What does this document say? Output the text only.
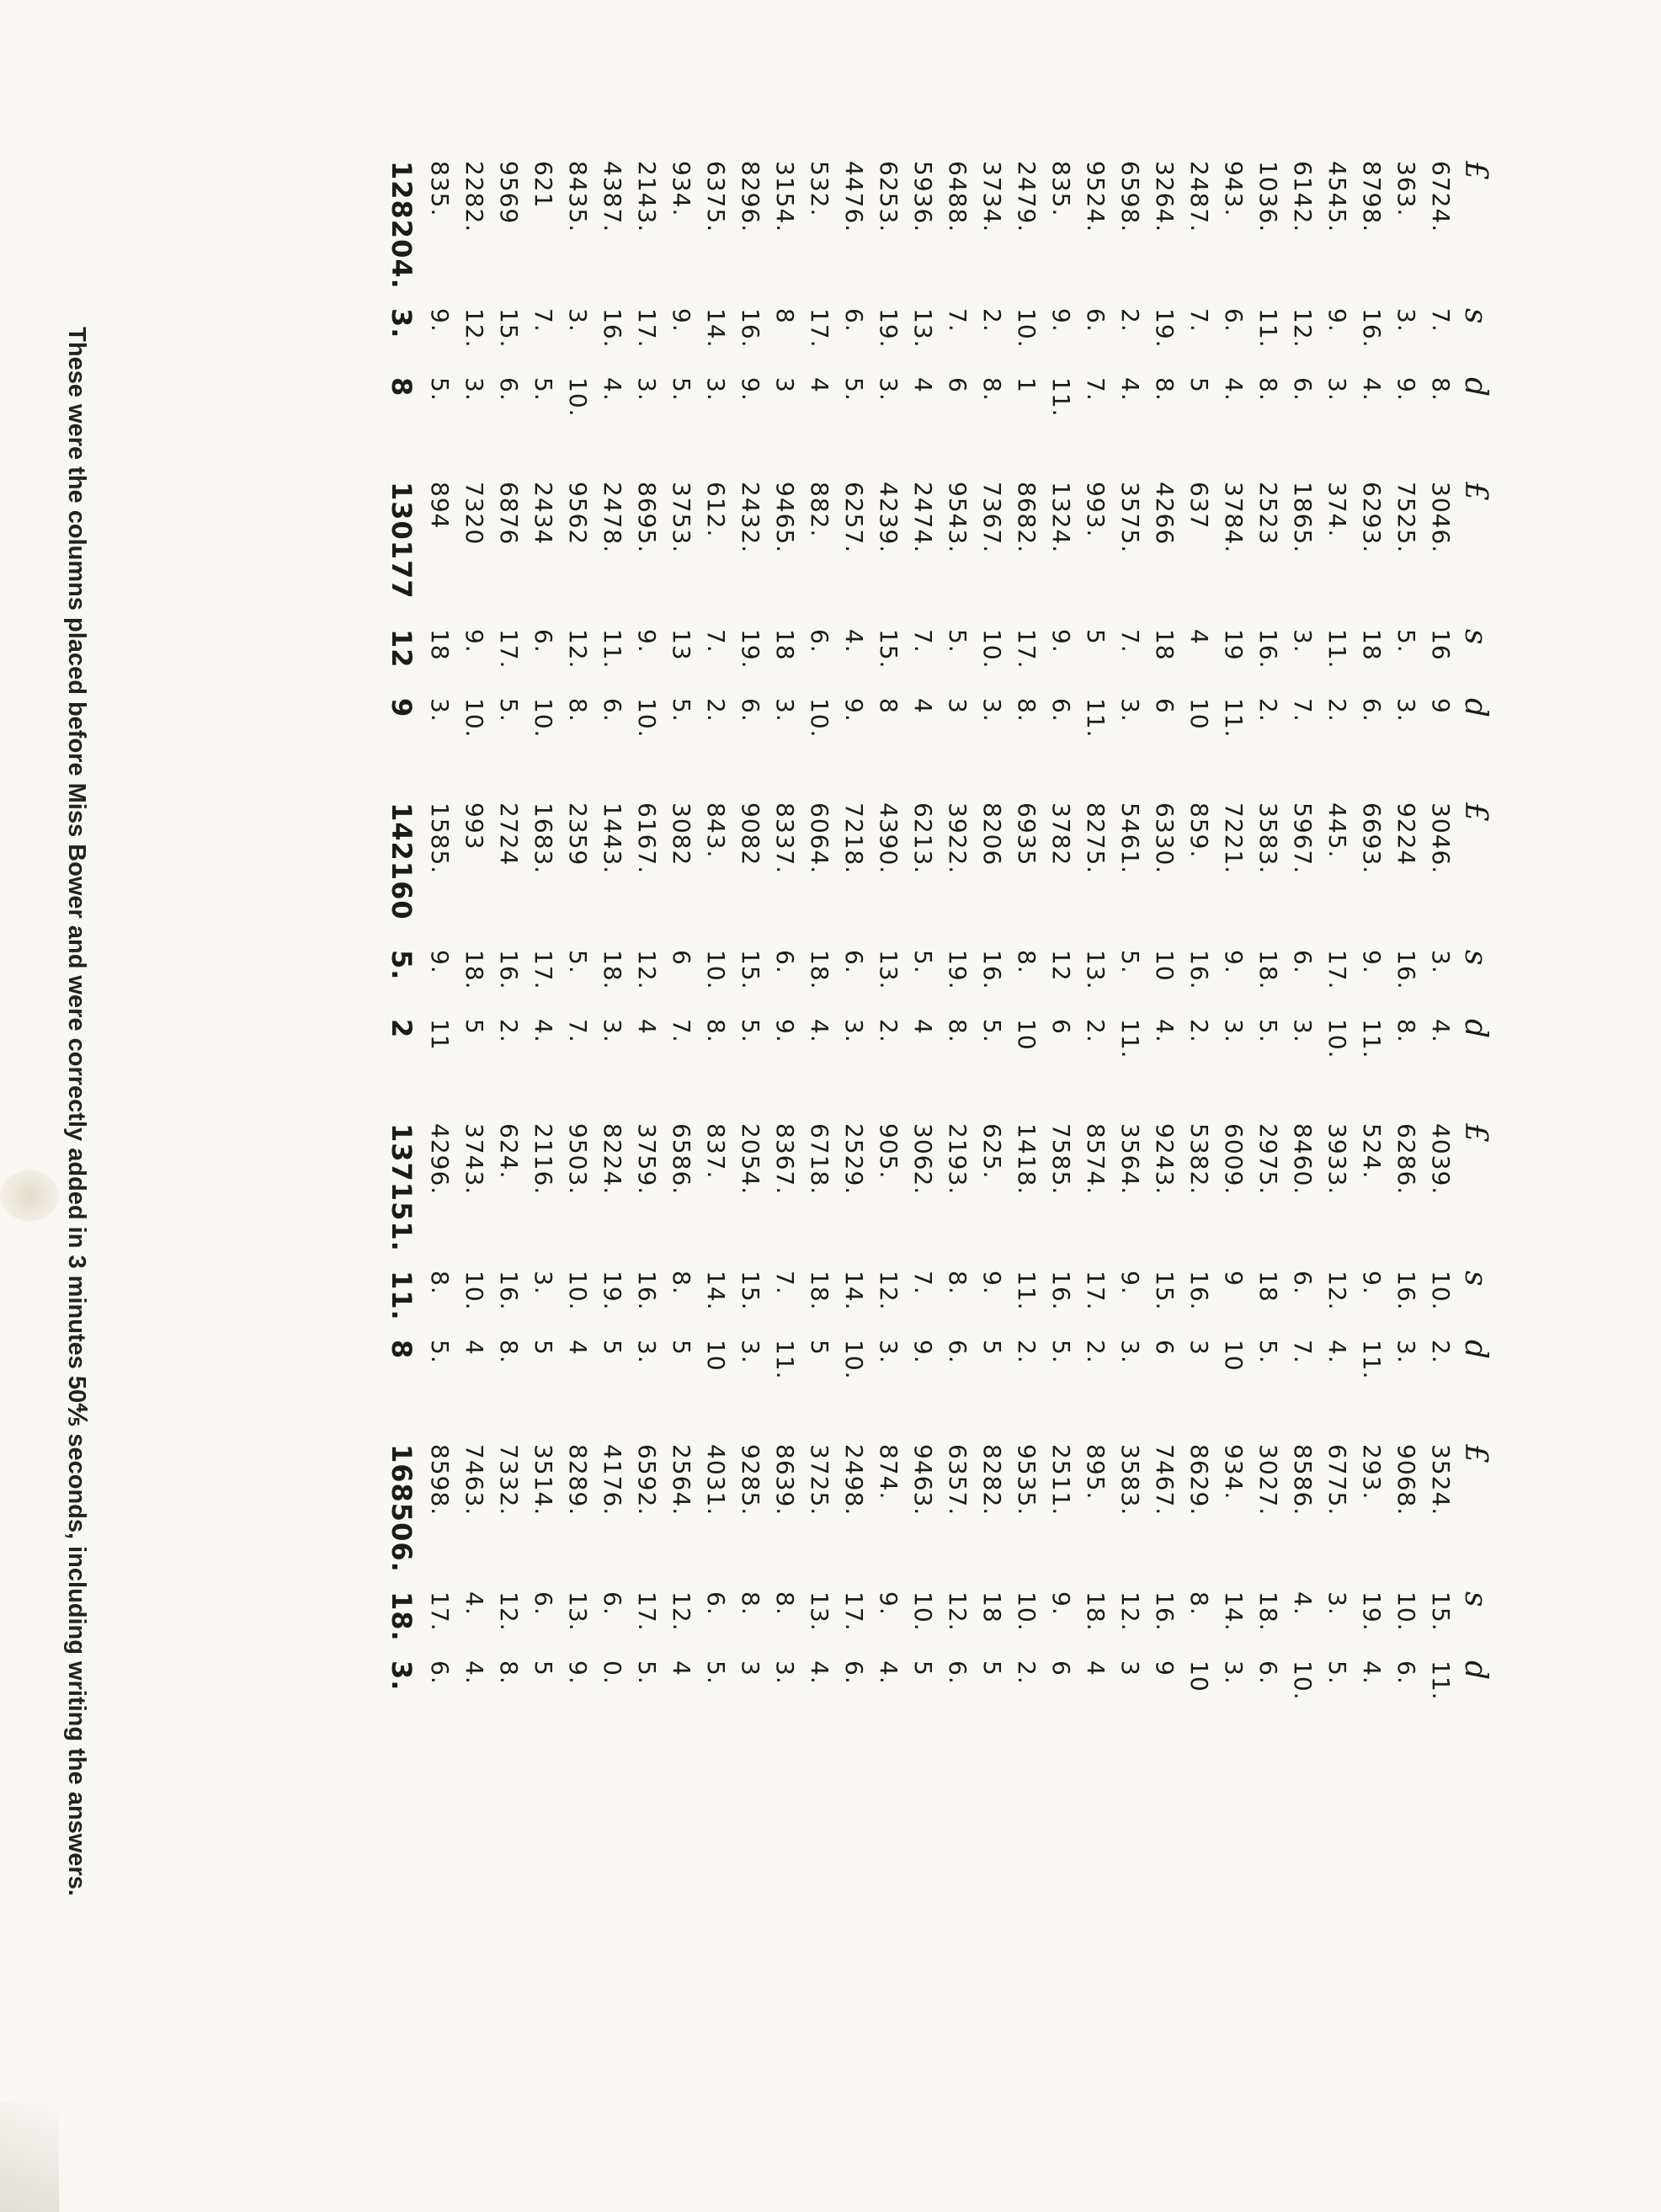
£
s
d
6724.
7.
8.
363.
3.
9.
8798.
16.
4.
4545.
9.
3.
6142.
12.
6.
1036.
11.
8.
943.
6.
4.
2487.
7.
5
3264.
19.
8.
6598.
2.
4.
9524.
6.
7.
835.
9.
11.
2479.
10.
1
3734.
2.
8.
6488.
7.
6
5936.
13.
4
6253.
19.
3.
4476.
6.
5.
532.
17.
4
3154.
8
3
8296.
16.
9.
6375.
14.
3.
934.
9.
5.
2143.
17.
3.
4387.
16.
4.
8435.
3.
10.
621
7.
5.
9569
15.
6.
2282.
12.
3.
835.
9.
5.
128204.
3.
8
£
s
d
3046.
16
9
7525.
5.
3.
6293.
18
6.
374.
11.
2.
1865.
3.
7.
2523
16.
2.
3784.
19
11.
637
4
10
4266
18
6
3575.
7.
3.
993.
5
11.
1324.
9.
6.
8682.
17.
8.
7367.
10.
3.
9543.
5.
3
2474.
7.
4
4239.
15.
8
6257.
4.
9.
882.
6.
10.
9465.
18
3.
2432.
19.
6.
612.
7.
2.
3753.
13
5.
8695.
9.
10.
2478.
11.
6.
9562
12.
8.
2434
6.
10.
6876
17.
5.
7320
9.
10.
894
18
3.
130177
12
9
£
s
d
3046.
3.
4.
9224
16.
8.
6693.
9.
11.
445.
17.
10.
5967.
6.
3.
3583.
18.
5.
7221.
9.
3.
859.
16.
2.
6330.
10
4.
5461.
5.
11.
8275.
13.
2.
3782
12
6
6935
8.
10
8206
16.
5.
3922.
19.
8.
6213.
5.
4
4390.
13.
2.
7218.
6.
3.
6064.
18.
4.
8337.
6.
9.
9082
15.
5.
843.
10.
8.
3082
6
7.
6167.
12.
4
1443.
18.
3.
2359
5.
7.
1683.
17.
4.
2724
16.
2.
993
18.
5
1585.
9.
11
142160
5.
2
£
s
d
4039.
10.
2.
6286.
16.
3.
524.
9.
11.
3933.
12.
4.
8460.
6.
7.
2975.
18
5.
6009.
9
10
5382.
16.
3
9243.
15.
6
3564.
9.
3.
8574.
17.
2.
7585.
16.
5.
1418.
11.
2.
625.
9.
5
2193.
8.
6.
3062.
7.
9.
905.
12.
3.
2529.
14.
10.
6718.
18.
5
8367.
7.
11.
2054.
15.
3.
837.
14.
10
6586.
8.
5
3759.
16.
3.
8224.
19.
5
9503.
10.
4
2116.
3.
5
624.
16.
8.
3743.
10.
4
4296.
8.
5.
137151.
11.
8
£
s
d
3524.
15.
11.
9068.
10.
6.
293.
19.
4.
6775.
3.
5.
8586.
4.
10.
3027.
18.
6.
934.
14.
3.
8629.
8.
10
7467.
16.
9
3583.
12.
3
895.
18.
4
2511.
9.
6
9535.
10.
2.
8282.
18
5
6357.
12.
6.
9463.
10.
5
874.
9.
4.
2498.
17.
6.
3725.
13.
4.
8639.
8.
3.
9285.
8.
3
4031.
6.
5.
2564.
12.
4
6592.
17.
5.
4176.
6.
0.
8289.
13.
9.
3514.
6.
5
7332.
12.
8.
7463.
4.
4.
8598.
17.
6.
168506.
18.
3.
These were the columns placed before Miss Bower and were correctly added in 3 minutes 50⅘ seconds, including writing the answers.
